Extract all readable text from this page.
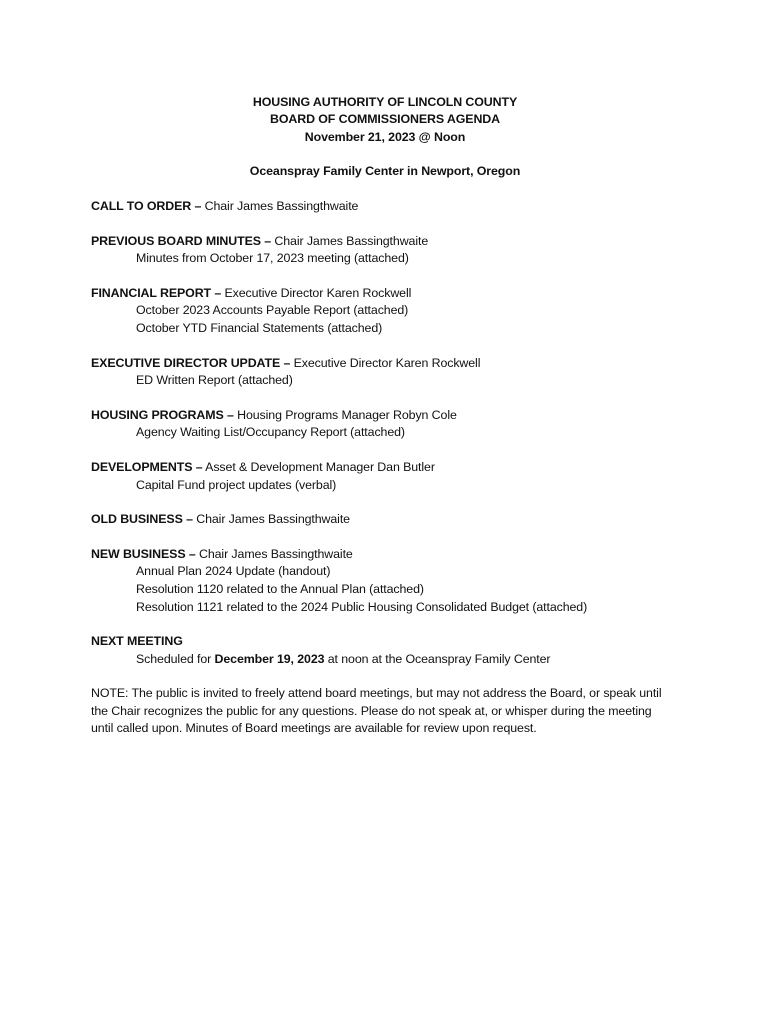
HOUSING AUTHORITY OF LINCOLN COUNTY
BOARD OF COMMISSIONERS AGENDA
November 21, 2023 @ Noon
Oceanspray Family Center in Newport, Oregon
CALL TO ORDER – Chair James Bassingthwaite
PREVIOUS BOARD MINUTES – Chair James Bassingthwaite
Minutes from October 17, 2023 meeting (attached)
FINANCIAL REPORT – Executive Director Karen Rockwell
October 2023 Accounts Payable Report (attached)
October YTD Financial Statements (attached)
EXECUTIVE DIRECTOR UPDATE – Executive Director Karen Rockwell
ED Written Report (attached)
HOUSING PROGRAMS – Housing Programs Manager Robyn Cole
Agency Waiting List/Occupancy Report (attached)
DEVELOPMENTS – Asset & Development Manager Dan Butler
Capital Fund project updates (verbal)
OLD BUSINESS – Chair James Bassingthwaite
NEW BUSINESS – Chair James Bassingthwaite
Annual Plan 2024 Update (handout)
Resolution 1120 related to the Annual Plan (attached)
Resolution 1121 related to the 2024 Public Housing Consolidated Budget (attached)
NEXT MEETING
Scheduled for December 19, 2023 at noon at the Oceanspray Family Center
NOTE: The public is invited to freely attend board meetings, but may not address the Board, or speak until the Chair recognizes the public for any questions. Please do not speak at, or whisper during the meeting until called upon. Minutes of Board meetings are available for review upon request.
